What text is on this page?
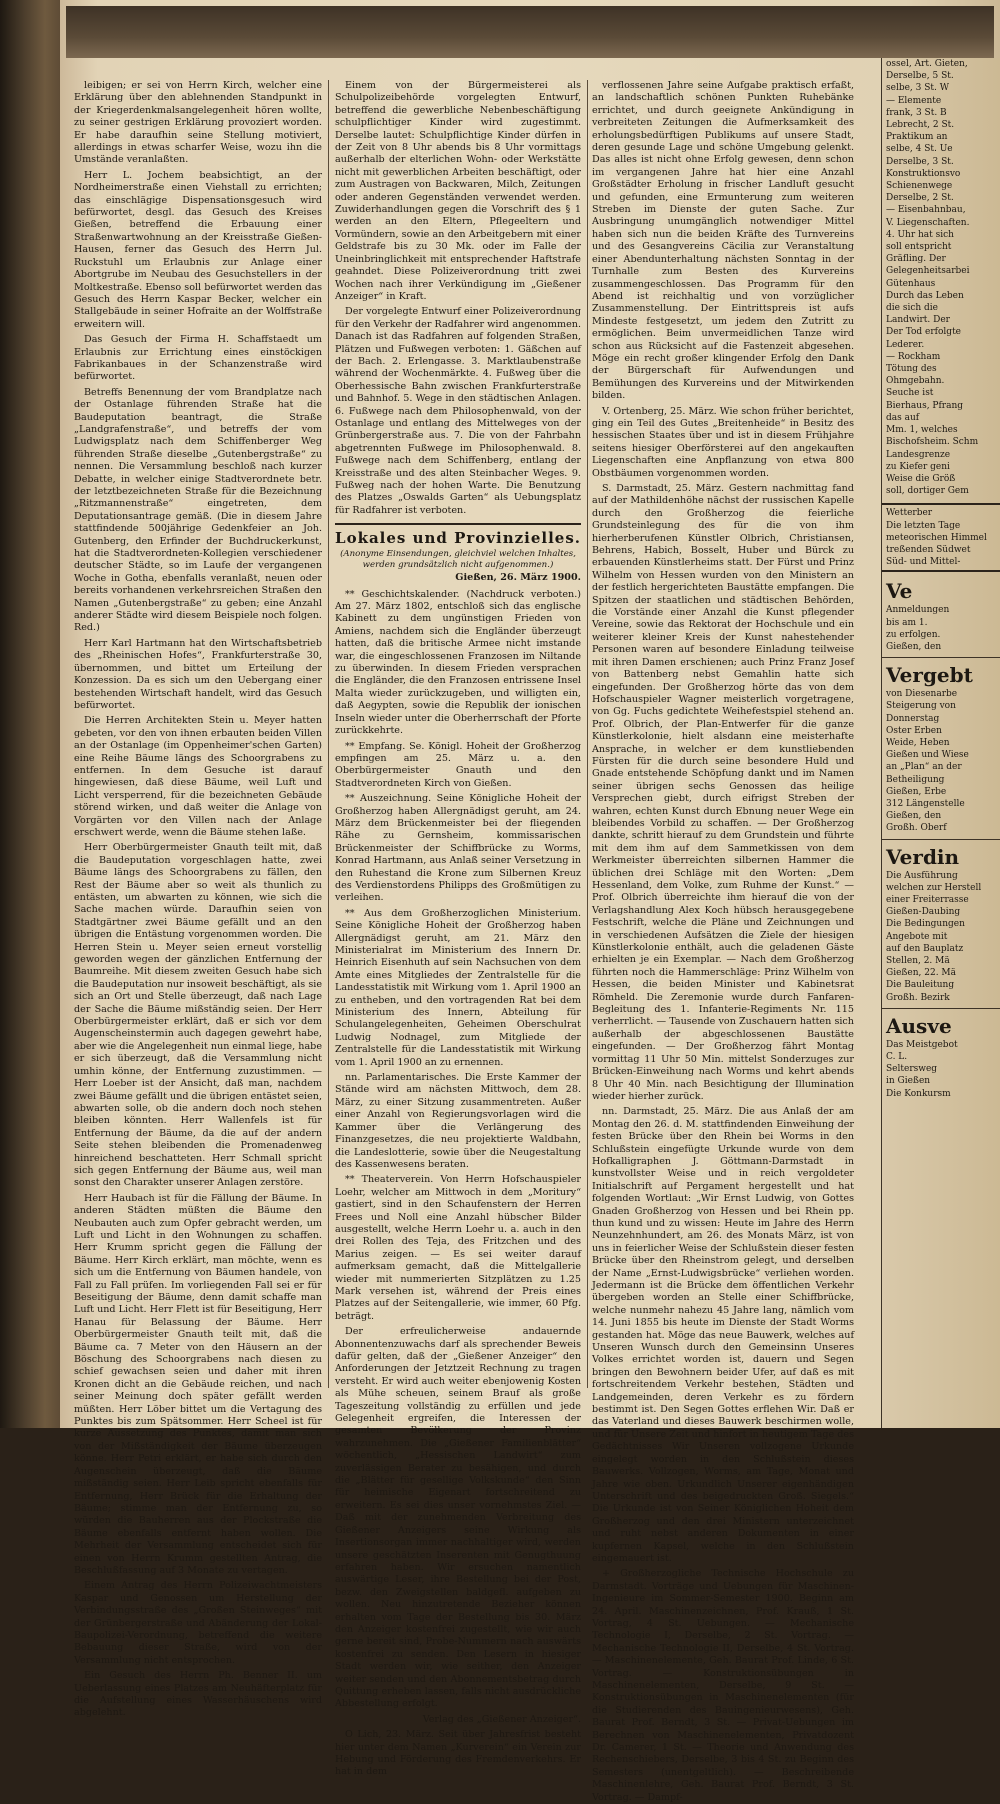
leibigen; er sei von Herrn Kirch, welcher eine Erklärung über den ablehnenden Standpunkt in der Kriegerdenkmalsangelegenheit hören wollte, zu seiner gestrigen Erklärung provoziert worden. Er habe daraufhin seine Stellung motiviert, allerdings in etwas scharfer Weise, wozu ihn die Umstände veranlaßten.

Herr L. Jochem beabsichtigt, an der Nordheimerstraße einen Viehstall zu errichten; das einschlägige Dispensationsgesuch wird befürwortet, desgl. das Gesuch des Kreises Gießen, betreffend die Erbauung einer Straßenwartwohnung an der Kreisstraße Gießen-Hausen, ferner das Gesuch des Herrn Jul. Ruckstuhl um Erlaubnis zur Anlage einer Abortgrube im Neubau des Gesuchstellers in der Moltkestraße. Ebenso soll befürwortet werden das Gesuch des Herrn Kaspar Becker, welcher ein Stallgebäude in seiner Hofraite an der Wolffstraße erweitern will.

Das Gesuch der Firma H. Schaffstaedt um Erlaubnis zur Errichtung eines einstöckigen Fabrikanbaues in der Schanzenstraße wird befürwortet.

Betreffs Benennung der vom Brandplatze nach der Ostanlage führenden Straße hat die Baudeputation beantragt, die Straße „Landgrafenstraße“, und betreffs der vom Ludwigsplatz nach dem Schiffenberger Weg führenden Straße dieselbe „Gutenbergstraße“ zu nennen. Die Versammlung beschloß nach kurzer Debatte, in welcher einige Stadtverordnete betr. der letztbezeichneten Straße für die Bezeichnung „Ritzmannenstraße“ eingetreten, dem Deputationsantrage gemäß. (Die in diesem Jahre stattfindende 500jährige Gedenkfeier an Joh. Gutenberg, den Erfinder der Buchdruckerkunst, hat die Stadtverordneten-Kollegien verschiedener deutscher Städte, so im Laufe der vergangenen Woche in Gotha, ebenfalls veranlaßt, neuen oder bereits vorhandenen verkehrsreichen Straßen den Namen „Gutenbergstraße“ zu geben; eine Anzahl anderer Städte wird diesem Beispiele noch folgen. Red.)

Herr Karl Hartmann hat den Wirtschaftsbetrieb des „Rheinischen Hofes“, Frankfurterstraße 30, übernommen, und bittet um Erteilung der Konzession. Da es sich um den Uebergang einer bestehenden Wirtschaft handelt, wird das Gesuch befürwortet.

Die Herren Architekten Stein u. Meyer hatten gebeten, vor den von ihnen erbauten beiden Villen an der Ostanlage (im Oppenheimer'schen Garten) eine Reihe Bäume längs des Schoorgrabens zu entfernen. In dem Gesuche ist darauf hingewiesen, daß diese Bäume, weil Luft und Licht versperrend, für die bezeichneten Gebäude störend wirken, und daß weiter die Anlage von Vorgärten vor den Villen nach der Anlage erschwert werde, wenn die Bäume stehen laße.

Herr Oberbürgermeister Gnauth teilt mit, daß die Baudeputation vorgeschlagen hatte, zwei Bäume längs des Schoorgrabens zu fällen, den Rest der Bäume aber so weit als thunlich zu entästen, um abwarten zu können, wie sich die Sache machen würde. Daraufhin seien von Stadtgärtner zwei Bäume gefällt und an den übrigen die Entästung vorgenommen worden. Die Herren Stein u. Meyer seien erneut vorstellig geworden wegen der gänzlichen Entfernung der Baumreihe. Mit diesem zweiten Gesuch habe sich die Baudeputation nur insoweit beschäftigt, als sie sich an Ort und Stelle überzeugt, daß nach Lage der Sache die Bäume mißständig seien. Der Herr Oberbürgermeister erklärt, daß er sich vor dem Augenscheinstermin auch dagegen gewehrt habe, aber wie die Angelegenheit nun einmal liege, habe er sich überzeugt, daß die Versammlung nicht umhin könne, der Entfernung zuzustimmen. — Herr Loeber ist der Ansicht, daß man, nachdem zwei Bäume gefällt und die übrigen entästet seien, abwarten solle, ob die andern doch noch stehen bleiben könnten. Herr Wallenfels ist für Entfernung der Bäume, da die auf der andern Seite stehen bleibenden die Promenadenweg hinreichend beschatteten. Herr Schmall spricht sich gegen Entfernung der Bäume aus, weil man sonst den Charakter unserer Anlagen zerstöre.

Herr Haubach ist für die Fällung der Bäume. In anderen Städten müßten die Bäume den Neubauten auch zum Opfer gebracht werden, um Luft und Licht in den Wohnungen zu schaffen. Herr Krumm spricht gegen die Fällung der Bäume. Herr Kirch erklärt, man möchte, wenn es sich um die Entfernung von Bäumen handele, von Fall zu Fall prüfen. Im vorliegenden Fall sei er für Beseitigung der Bäume, denn damit schaffe man Luft und Licht. Herr Flett ist für Beseitigung, Herr Hanau für Belassung der Bäume. Herr Oberbürgermeister Gnauth teilt mit, daß die Bäume ca. 7 Meter von den Häusern an der Böschung des Schoorgrabens nach diesen zu schief gewachsen seien und daher mit ihren Kronen dicht an die Gebäude reichen, und nach seiner Meinung doch später gefällt werden müßten. Herr Löber bittet um die Vertagung des Punktes bis zum Spätsommer. Herr Scheel ist für kurze Aussetzung des Punktes, damit man sich von der Mißständigkeit der Bäume überzeugen könne. Herr Petri erklärt, er habe sich durch den Augenschein überzeugt, daß die Bäume mißständig seien. Herr Leib spricht ebenfalls für Entfernung, Herr Brück für die Erhaltung der Bäume; stimme man der Entfernung zu, so würden die Bauherren aus der Plockstraße die Bäume ebenfalls entfernt haben wollen. Die Mehrheit der Versammlung entscheidet sich für einen von Herrn Krumm gestellten Antrag, die Beschlußfassung auf 3 Monate zu vertagen.

Einem Antrag des Herrn Polizeiwachtmeisters Kaspar und Genossen um Herstellung der Verbindungsstraße des „Großen Steinweges“ mit der Grünbergerstraße und Abänderung der Lokal-Baupolizei-Verordnung, betreffend die weitere Bebauung dieser Straße, wird von der Versammlung nicht entsprochen.

Ein Gesuch des Herrn Ph. Benner II. um Ueberlassung eines Platzes am Neuhäfterplatz für die Aufstellung eines Wasserhäuschens wird abgelehnt.

Einem von der Bürgermeisterei als Schulpolizeibehörde vorgelegten Entwurf, betreffend die gewerbliche Nebenbeschäftigung schulpflichtiger Kinder wird zugestimmt. Derselbe lautet: Schulpflichtige Kinder dürfen in der Zeit von 8 Uhr abends bis 8 Uhr vormittags außerhalb der elterlichen Wohn- oder Werkstätte nicht mit gewerblichen Arbeiten beschäftigt, oder zum Austragen von Backwaren, Milch, Zeitungen oder anderen Gegenständen verwendet werden. Zuwiderhandlungen gegen die Vorschrift des § 1 werden an den Eltern, Pflegeeltern und Vormündern, sowie an den Arbeitgebern mit einer Geldstrafe bis zu 30 Mk. oder im Falle der Uneinbringlichkeit mit entsprechender Haftstrafe geahndet. Diese Polizeiverordnung tritt zwei Wochen nach ihrer Verkündigung im „Gießener Anzeiger“ in Kraft.

Der vorgelegte Entwurf einer Polizeiverordnung für den Verkehr der Radfahrer wird angenommen. Danach ist das Radfahren auf folgenden Straßen, Plätzen und Fußwegen verboten: 1. Gäßchen auf der Bach. 2. Erlengasse. 3. Marktlaubenstraße während der Wochenmärkte. 4. Fußweg über die Oberhessische Bahn zwischen Frankfurterstraße und Bahnhof. 5. Wege in den städtischen Anlagen. 6. Fußwege nach dem Philosophenwald, von der Ostanlage und entlang des Mittelweges von der Grünbergerstraße aus. 7. Die von der Fahrbahn abgetrennten Fußwege im Philosophenwald. 8. Fußwege nach dem Schiffenberg, entlang der Kreisstraße und des alten Steinbacher Weges. 9. Fußweg nach der hohen Warte. Die Benutzung des Platzes „Oswalds Garten“ als Uebungsplatz für Radfahrer ist verboten.

Lokales und Provinzielles.
(Anonyme Einsendungen, gleichviel welchen Inhaltes, werden grundsätzlich nicht aufgenommen.)
Gießen, 26. März 1900.

** Geschichtskalender. (Nachdruck verboten.) Am 27. März 1802, entschloß sich das englische Kabinett zu dem ungünstigen Frieden von Amiens, nachdem sich die Engländer überzeugt hatten, daß die britische Armee nicht imstande war, die eingeschlossenen Franzosen im Niltande zu überwinden. In diesem Frieden versprachen die Engländer, die den Franzosen entrissene Insel Malta wieder zurückzugeben, und willigten ein, daß Aegypten, sowie die Republik der ionischen Inseln wieder unter die Oberherrschaft der Pforte zurückkehrte.

** Empfang. Se. Königl. Hoheit der Großherzog empfingen am 25. März u. a. den Oberbürgermeister Gnauth und den Stadtverordneten Kirch von Gießen.

** Auszeichnung. Seine Königliche Hoheit der Großherzog haben Allergnädigst geruht, am 24. März dem Brückenmeister bei der fliegenden Rähe zu Gernsheim, kommissarischen Brückenmeister der Schiffbrücke zu Worms, Konrad Hartmann, aus Anlaß seiner Versetzung in den Ruhestand die Krone zum Silbernen Kreuz des Verdienstordens Philipps des Großmütigen zu verleihen.

** Aus dem Großherzoglichen Ministerium. Seine Königliche Hoheit der Großherzog haben Allergnädigst geruht, am 21. März den Ministerialrat im Ministerium des Innern Dr. Heinrich Eisenhuth auf sein Nachsuchen von dem Amte eines Mitgliedes der Zentralstelle für die Landesstatistik mit Wirkung vom 1. April 1900 an zu entheben, und den vortragenden Rat bei dem Ministerium des Innern, Abteilung für Schulangelegenheiten, Geheimen Oberschulrat Ludwig Nodnagel, zum Mitgliede der Zentralstelle für die Landesstatistik mit Wirkung vom 1. April 1900 an zu ernennen.

nn. Parlamentarisches. Die Erste Kammer der Stände wird am nächsten Mittwoch, dem 28. März, zu einer Sitzung zusammentreten. Außer einer Anzahl von Regierungsvorlagen wird die Kammer über die Verlängerung des Finanzgesetzes, die neu projektierte Waldbahn, die Landeslotterie, sowie über die Neugestaltung des Kassenwesens beraten.

** Theaterverein. Von Herrn Hofschauspieler Loehr, welcher am Mittwoch in dem „Moritury“ gastiert, sind in den Schaufenstern der Herren Frees und Noll eine Anzahl hübscher Bilder ausgestellt, welche Herrn Loehr u. a. auch in den drei Rollen des Teja, des Fritzchen und des Marius zeigen. — Es sei weiter darauf aufmerksam gemacht, daß die Mittelgallerie wieder mit nummerierten Sitzplätzen zu 1.25 Mark versehen ist, während der Preis eines Platzes auf der Seitengallerie, wie immer, 60 Pfg. beträgt.

Der erfreulicherweise andauernde Abonnentenzuwachs darf als sprechender Beweis dafür gelten, daß der „Gießener Anzeiger“ den Anforderungen der Jetztzeit Rechnung zu tragen versteht. Er wird auch weiter ebenjowenig Kosten als Mühe scheuen, seinem Brauf als große Tageszeitung vollständig zu erfüllen und jede Gelegenheit ergreifen, die Interessen der gesamten Bevölkerung der Provinz wahrzunehmen. Die „Gießener Familienblätter“ wöchentlich, „Hessischen Landwirt“ zum zuverlässigen Berater zu besähigen, und durch die „Blätter für gesellige Volkskunde“ den Sinn für heimische Eigenart fortschreitend zu erweitern. Es sei dies unser vornehmstes Ziel. — Daß mit der zunehmenden Verbreitung des Gießener Anzeigers seine Wirkung als Insertionsorgan immer nachhaltiger wird, werden unsere geschätzten Inserenten mit Genugthuung erfahren haben. Wir ersuchen namentlich auswärtige Leser, ihre Bestellung bei der Post, bezw. den Zweigstellen baldgefl. aufgeben zu wollen. Neu hinzutretende Bezieher können erhalten vom Tage der Bestellung bis 30. März den Anzeiger kostenfrei zugestellt, wie wir auch gerne bereit sind, Probe-Nummern nach auswärts kostenfrei zu senden. Den Lesern in hiesiger Stadt werden wir, wie seither, den Anzeiger weiter senden und den Abonnementsbetrag durch Quittung erheben lassen, falls nicht ausdrückliche Abbestellung erfolgt.

Verlag des „Gießener Anzeiger“.

O Lich, 23. März. Seit über Jahresfrist besteht hier unter dem Namen „Kurverein“ ein Verein zur Hebung und Förderung des Fremdenverkehrs. Er hat in dem

verflossenen Jahre seine Aufgabe praktisch erfaßt, an landschaftlich schönen Punkten Ruhebänke errichtet, und durch geeignete Ankündigung in verbreiteten Zeitungen die Aufmerksamkeit des erholungsbedürftigen Publikums auf unsere Stadt, deren gesunde Lage und schöne Umgebung gelenkt. Das alles ist nicht ohne Erfolg gewesen, denn schon im vergangenen Jahre hat hier eine Anzahl Großstädter Erholung in frischer Landluft gesucht und gefunden, eine Ermunterung zum weiteren Streben im Dienste der guten Sache. Zur Ausbringung unumgänglich notwendiger Mittel haben sich nun die beiden Kräfte des Turnvereins und des Gesangvereins Cäcilia zur Veranstaltung einer Abendunterhaltung nächsten Sonntag in der Turnhalle zum Besten des Kurvereins zusammengeschlossen. Das Programm für den Abend ist reichhaltig und von vorzüglicher Zusammenstellung. Der Eintrittspreis ist aufs Mindeste festgesetzt, um jedem den Zutritt zu ermöglichen. Beim unvermeidlichen Tanze wird schon aus Rücksicht auf die Fastenzeit abgesehen. Möge ein recht großer klingender Erfolg den Dank der Bürgerschaft für Aufwendungen und Bemühungen des Kurvereins und der Mitwirkenden bilden.

V. Ortenberg, 25. März. Wie schon früher berichtet, ging ein Teil des Gutes „Breitenheide“ in Besitz des hessischen Staates über und ist in diesem Frühjahre seitens hiesiger Oberförsterei auf den angekauften Liegenschaften eine Anpflanzung von etwa 800 Obstbäumen vorgenommen worden.

S. Darmstadt, 25. März. Gestern nachmittag fand auf der Mathildenhöhe nächst der russischen Kapelle durch den Großherzog die feierliche Grundsteinlegung des für die von ihm hierherberufenen Künstler Olbrich, Christiansen, Behrens, Habich, Bosselt, Huber und Bürck zu erbauenden Künstlerheims statt. Der Fürst und Prinz Wilhelm von Hessen wurden von den Ministern an der festlich hergerichteten Baustätte empfangen. Die Spitzen der staatlichen und städtischen Behörden, die Vorstände einer Anzahl die Kunst pflegender Vereine, sowie das Rektorat der Hochschule und ein weiterer kleiner Kreis der Kunst nahestehender Personen waren auf besondere Einladung teilweise mit ihren Damen erschienen; auch Prinz Franz Josef von Battenberg nebst Gemahlin hatte sich eingefunden. Der Großherzog hörte das von dem Hofschauspieler Wagner meisterlich vorgetragene, von Gg. Fuchs gedichtete Weihefestspiel stehend an. Prof. Olbrich, der Plan-Entwerfer für die ganze Künstlerkolonie, hielt alsdann eine meisterhafte Ansprache, in welcher er dem kunstliebenden Fürsten für die durch seine besondere Huld und Gnade entstehende Schöpfung dankt und im Namen seiner übrigen sechs Genossen das heilige Versprechen giebt, durch eifrigst Streben der wahren, echten Kunst durch Ebnung neuer Wege ein bleibendes Vorbild zu schaffen. — Der Großherzog dankte, schritt hierauf zu dem Grundstein und führte mit dem ihm auf dem Sammetkissen von dem Werkmeister überreichten silbernen Hammer die üblichen drei Schläge mit den Worten: „Dem Hessenland, dem Volke, zum Ruhme der Kunst.“ — Prof. Olbrich überreichte ihm hierauf die von der Verlagshandlung Alex Koch hübsch herausgegebene Festschrift, welche die Pläne und Zeichnungen und in verschiedenen Aufsätzen die Ziele der hiesigen Künstlerkolonie enthält, auch die geladenen Gäste erhielten je ein Exemplar. — Nach dem Großherzog führten noch die Hammerschläge: Prinz Wilhelm von Hessen, die beiden Minister und Kabinetsrat Römheld. Die Zeremonie wurde durch Fanfaren-Begleitung des 1. Infanterie-Regiments Nr. 115 verherrlicht. — Tausende von Zuschauern hatten sich außerhalb der abgeschlossenen Baustätte eingefunden. — Der Großherzog fährt Montag vormittag 11 Uhr 50 Min. mittelst Sonderzuges zur Brücken-Einweihung nach Worms und kehrt abends 8 Uhr 40 Min. nach Besichtigung der Illumination wieder hierher zurück.

nn. Darmstadt, 25. März. Die aus Anlaß der am Montag den 26. d. M. stattfindenden Einweihung der festen Brücke über den Rhein bei Worms in den Schlußstein eingefügte Urkunde wurde von dem Hofkalligraphen J. Göttmann-Darmstadt in kunstvollster Weise und in reich vergoldeter Initialschrift auf Pergament hergestellt und hat folgenden Wortlaut: „Wir Ernst Ludwig, von Gottes Gnaden Großherzog von Hessen und bei Rhein pp. thun kund und zu wissen: Heute im Jahre des Herrn Neunzehnhundert, am 26. des Monats März, ist von uns in feierlicher Weise der Schlußstein dieser festen Brücke über den Rheinstrom gelegt, und derselben der Name „Ernst-Ludwigsbrücke“ verliehen worden. Jedermann ist die Brücke dem öffentlichen Verkehr übergeben worden an Stelle einer Schiffbrücke, welche nunmehr nahezu 45 Jahre lang, nämlich vom 14. Juni 1855 bis heute im Dienste der Stadt Worms gestanden hat. Möge das neue Bauwerk, welches auf Unseren Wunsch durch den Gemeinsinn Unseres Volkes errichtet worden ist, dauern und Segen bringen den Bewohnern beider Ufer, auf daß es mit fortschreitendem Verkehr bestehen, Städten und Landgemeinden, deren Verkehr es zu fördern bestimmt ist. Den Segen Gottes erflehen Wir. Daß er das Vaterland und dieses Bauwerk beschirmen wolle, und für Unsere Zeit und hinfort in heutigem Tage des Gedächtnisses Wir Unseren vollzogene Urkunde eingelegt worden in den Schlußstein dieses Bauwerks. Vollzogen, Worms, am Tage, Monat und Jahre wie oben. Urkundlich Unserer eigenhändigen Unterschrift und des beigedruckten Groß. Siegels.“ Die Urkunde ist von Seiner Königlichen Hoheit dem Großherzog und den drei Ministern unterzeichnet und ruht nebst anderen Dokumenten in einer kupfernen Kapsel, welche in den Schlußstein eingemauert ist.

+ Großherzogliche Technische Hochschule zu Darmstadt. Vorträge und Uebungen für Maschinen-Ingenieure im Sommer-Semester 1900. Beginn am 24. April. Maschinenzeichnen, Prof. Krauß, 1 St. Vortrag, 4 St. Uebungen. — Mechanische Technologie I, Derselbe, 2 St. Vortrag. — Mechanische Technologie II, Derselbe, 4 St. Vortrag. — Maschinenelemente, Geh. Baurat Prof. Linde, 6 St. Vortrag. — Konstruktionsübungen in Maschinenelementen, Derselbe, 9 St. — Konstruktionsübungen in Maschinenelementen (für die Studierenden des Bauingenieurwesens), Geh. Baurat Prof. Berndt, 3 St. — Privat-Uebungen im Berechnen von Maschinenelementen, Privatdozent Dr. Camerer, 1 St. — Theorie und Anwendung des Rechenschiebers, Derselbe, 3 bis 4 St. zu Beginn des Semesters (unentgeltlich). — Beschreibende Maschinenlehre, Geh. Baurat Prof. Berndt, 3 St. Vortrag. — Dampf-

ossel, Art. Gieten,
Derselbe, 5 St.
selbe, 3 St. W
— Elemente
frank, 3 St. B
Lebrecht, 2 St.
Praktikum an
selbe, 4 St. Ue
Derselbe, 3 St.
Konstruktionsvo
Schienenwege
Derselbe, 2 St.
— Eisenbahnbau,
V. Liegenschaften.
4. Uhr hat sich
soll entspricht
Gräfling. Der
Gelegenheitsarbei
Gütenhaus
Durch das Leben
die sich die
Landwirt. Der
Der Tod erfolgte
Lederer.
— Rockham
Tötung des
Ohmgebahn.
Seuche ist
Bierhaus, Pfrang
das auf
Mm. 1, welches
Bischofsheim. Schm
Landesgrenze
zu Kiefer geni
Weise die Größ
soll, dortiger Gem
Wetterber
Die letzten Tage
meteorischen Himmel
treßenden Südwet
Süd- und Mittel-
Ve
Anmeldungen
bis am 1.
zu erfolgen.
Gießen, den
Vergebt
von Diesenarbe
Steigerung von
Donnerstag
Oster Erben
Weide, Heben
Gießen und Wiese
an „Plan“ an der
Betheiligung
Gießen, Erbe
312 Längenstelle
Gießen, den
Großh. Oberf
Verdin
Die Ausführung
welchen zur Herstell
einer Freiterrasse
Gießen-Daubing
Die Bedingungen
Angebote mit
auf den Bauplatz
Stellen, 2. Mä
Gießen, 22. Mä
Die Bauleitung
Großh. Bezirk
Ausve
Das Meistgebot
C. L.
Seltersweg
in Gießen
Die Konkursm
